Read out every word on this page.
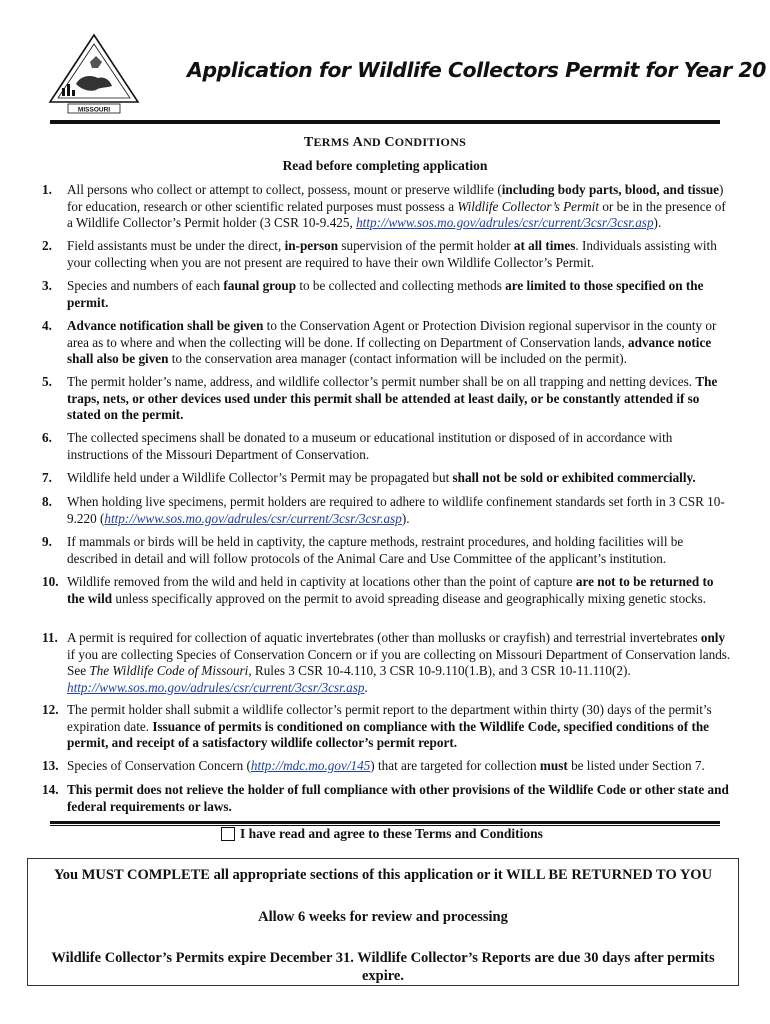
MISSOURI
Application for Wildlife Collectors Permit for Year 20
TERMS AND CONDITIONS
Read before completing application
1.	All persons who collect or attempt to collect, possess, mount or preserve wildlife (including body parts, blood, and tissue) for education, research or other scientific related purposes must possess a Wildlife Collector’s Permit or be in the presence of a Wildlife Collector’s Permit holder (3 CSR 10-9.425, http://www.sos.mo.gov/adrules/csr/current/3csr/3csr.asp).
2.	Field assistants must be under the direct, in-person supervision of the permit holder at all times. Individuals assisting with your collecting when you are not present are required to have their own Wildlife Collector’s Permit.
3.	Species and numbers of each faunal group to be collected and collecting methods are limited to those specified on the permit.
4.	Advance notification shall be given to the Conservation Agent or Protection Division regional supervisor in the county or area as to where and when the collecting will be done. If collecting on Department of Conservation lands, advance notice shall also be given to the conservation area manager (contact information will be included on the permit).
5.	The permit holder’s name, address, and wildlife collector’s permit number shall be on all trapping and netting devices. The traps, nets, or other devices used under this permit shall be attended at least daily, or be constantly attended if so stated on the permit.
6.	The collected specimens shall be donated to a museum or educational institution or disposed of in accordance with instructions of the Missouri Department of Conservation.
7.	Wildlife held under a Wildlife Collector’s Permit may be propagated but shall not be sold or exhibited commercially.
8.	When holding live specimens, permit holders are required to adhere to wildlife confinement standards set forth in 3 CSR 10-9.220 (http://www.sos.mo.gov/adrules/csr/current/3csr/3csr.asp).
9.	If mammals or birds will be held in captivity, the capture methods, restraint procedures, and holding facilities will be described in detail and will follow protocols of the Animal Care and Use Committee of the applicant’s institution.
10. Wildlife removed from the wild and held in captivity at locations other than the point of capture are not to be returned to the wild unless specifically approved on the permit to avoid spreading disease and geographically mixing genetic stocks.
11. A permit is required for collection of aquatic invertebrates (other than mollusks or crayfish) and terrestrial invertebrates only if you are collecting Species of Conservation Concern or if you are collecting on Missouri Department of Conservation lands. See The Wildlife Code of Missouri, Rules 3 CSR 10-4.110, 3 CSR 10-9.110(1.B), and 3 CSR 10-11.110(2). http://www.sos.mo.gov/adrules/csr/current/3csr/3csr.asp.
12. The permit holder shall submit a wildlife collector’s permit report to the department within thirty (30) days of the permit’s expiration date. Issuance of permits is conditioned on compliance with the Wildlife Code, specified conditions of the permit, and receipt of a satisfactory wildlife collector’s permit report.
13. Species of Conservation Concern (http://mdc.mo.gov/145) that are targeted for collection must be listed under Section 7.
14. This permit does not relieve the holder of full compliance with other provisions of the Wildlife Code or other state and federal requirements or laws.
I have read and agree to these Terms and Conditions
You MUST COMPLETE all appropriate sections of this application or it WILL BE RETURNED TO YOU
Allow 6 weeks for review and processing
Wildlife Collector’s Permits expire December 31. Wildlife Collector’s Reports are due 30 days after permits expire.
